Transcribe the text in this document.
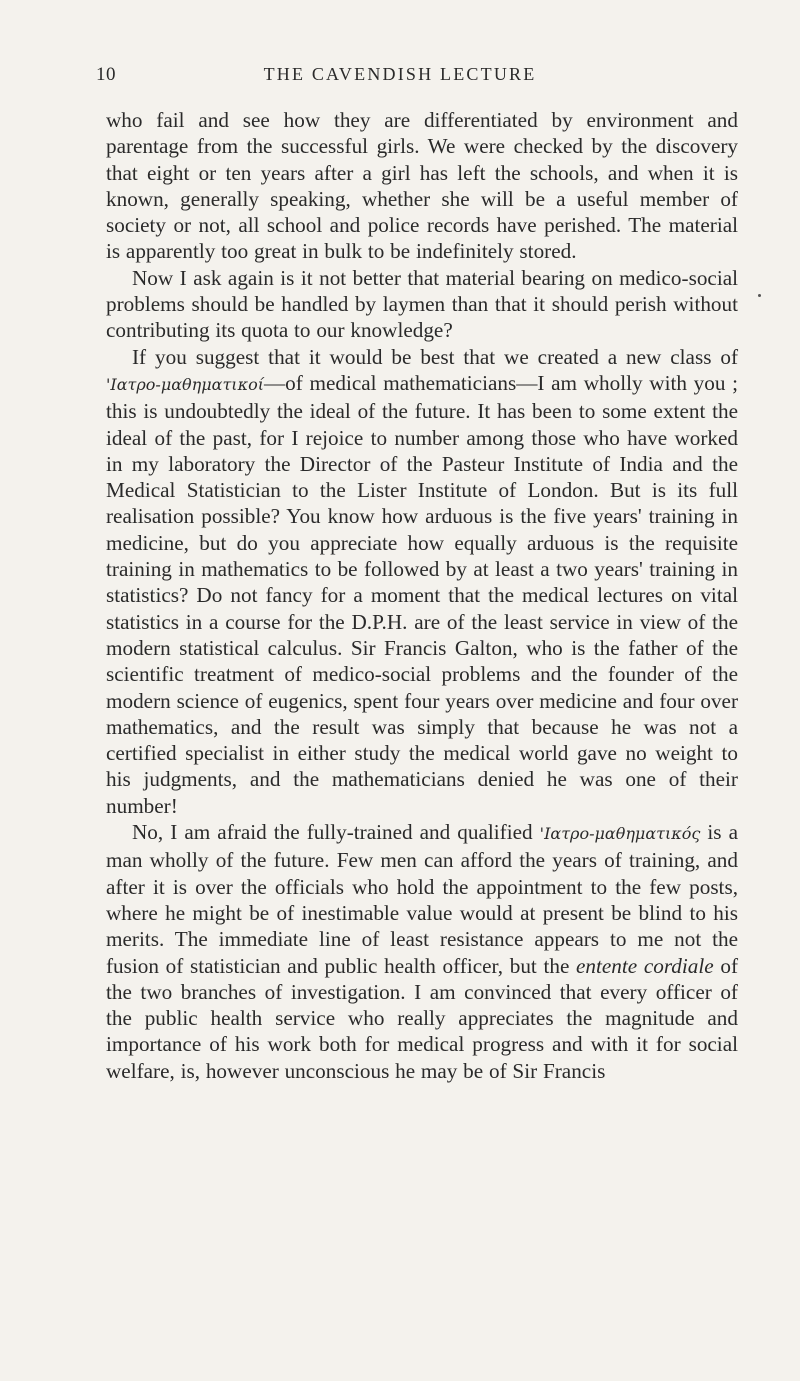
10	THE CAVENDISH LECTURE

who fail and see how they are differentiated by environment and parentage from the successful girls. We were checked by the discovery that eight or ten years after a girl has left the schools, and when it is known, generally speaking, whether she will be a useful member of society or not, all school and police records have perished. The material is apparently too great in bulk to be indefinitely stored.

Now I ask again is it not better that material bearing on medico-social problems should be handled by laymen than that it should perish without contributing its quota to our knowledge?

If you suggest that it would be best that we created a new class of 'Ιατρο-μαθηματικοί—of medical mathematicians—I am wholly with you ; this is undoubtedly the ideal of the future. It has been to some extent the ideal of the past, for I rejoice to number among those who have worked in my laboratory the Director of the Pasteur Institute of India and the Medical Statistician to the Lister Institute of London. But is its full realisation possible? You know how arduous is the five years' training in medicine, but do you appreciate how equally arduous is the requisite training in mathematics to be followed by at least a two years' training in statistics? Do not fancy for a moment that the medical lectures on vital statistics in a course for the D.P.H. are of the least service in view of the modern statistical calculus. Sir Francis Galton, who is the father of the scientific treatment of medico-social problems and the founder of the modern science of eugenics, spent four years over medicine and four over mathematics, and the result was simply that because he was not a certified specialist in either study the medical world gave no weight to his judgments, and the mathematicians denied he was one of their number!

No, I am afraid the fully-trained and qualified 'Ιατρο-μαθηματικός is a man wholly of the future. Few men can afford the years of training, and after it is over the officials who hold the appointment to the few posts, where he might be of inestimable value would at present be blind to his merits. The immediate line of least resistance appears to me not the fusion of statistician and public health officer, but the entente cordiale of the two branches of investigation. I am convinced that every officer of the public health service who really appreciates the magnitude and importance of his work both for medical progress and with it for social welfare, is, however unconscious he may be of Sir Francis
